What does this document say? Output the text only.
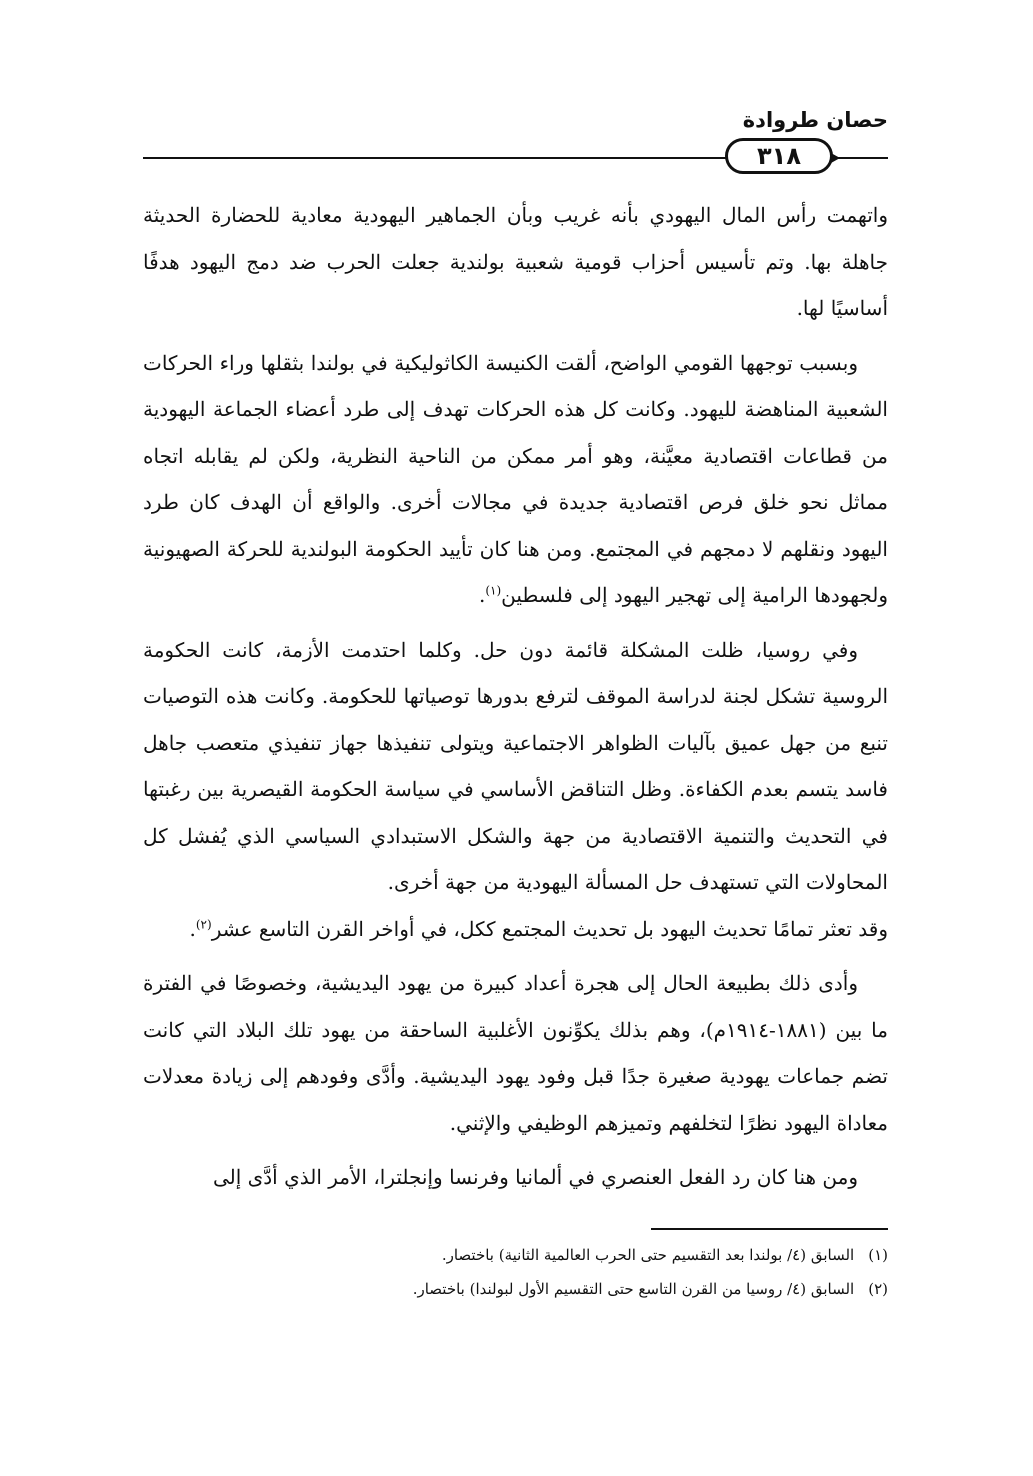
حصان طروادة
٣١٨

واتهمت رأس المال اليهودي بأنه غريب وبأن الجماهير اليهودية معادية للحضارة الحديثة جاهلة بها. وتم تأسيس أحزاب قومية شعبية بولندية جعلت الحرب ضد دمج اليهود هدفًا أساسيًا لها.

وبسبب توجهها القومي الواضح، ألقت الكنيسة الكاثوليكية في بولندا بثقلها وراء الحركات الشعبية المناهضة لليهود. وكانت كل هذه الحركات تهدف إلى طرد أعضاء الجماعة اليهودية من قطاعات اقتصادية معيَّنة، وهو أمر ممكن من الناحية النظرية، ولكن لم يقابله اتجاه مماثل نحو خلق فرص اقتصادية جديدة في مجالات أخرى. والواقع أن الهدف كان طرد اليهود ونقلهم لا دمجهم في المجتمع. ومن هنا كان تأييد الحكومة البولندية للحركة الصهيونية ولجهودها الرامية إلى تهجير اليهود إلى فلسطين$^{(١)}$.

وفي روسيا، ظلت المشكلة قائمة دون حل. وكلما احتدمت الأزمة، كانت الحكومة الروسية تشكل لجنة لدراسة الموقف لترفع بدورها توصياتها للحكومة. وكانت هذه التوصيات تنبع من جهل عميق بآليات الظواهر الاجتماعية ويتولى تنفيذها جهاز تنفيذي متعصب جاهل فاسد يتسم بعدم الكفاءة. وظل التناقض الأساسي في سياسة الحكومة القيصرية بين رغبتها في التحديث والتنمية الاقتصادية من جهة والشكل الاستبدادي السياسي الذي يُفشل كل المحاولات التي تستهدف حل المسألة اليهودية من جهة أخرى.

وقد تعثر تمامًا تحديث اليهود بل تحديث المجتمع ككل، في أواخر القرن التاسع عشر$^{(٢)}$.

وأدى ذلك بطبيعة الحال إلى هجرة أعداد كبيرة من يهود اليديشية، وخصوصًا في الفترة ما بين (١٨٨١-١٩١٤م)، وهم بذلك يكوِّنون الأغلبية الساحقة من يهود تلك البلاد التي كانت تضم جماعات يهودية صغيرة جدًا قبل وفود يهود اليديشية. وأدَّى وفودهم إلى زيادة معدلات معاداة اليهود نظرًا لتخلفهم وتميزهم الوظيفي والإثني.

ومن هنا كان رد الفعل العنصري في ألمانيا وفرنسا وإنجلترا، الأمر الذي أدَّى إلى

(١)
السابق (٤/ بولندا بعد التقسيم حتى الحرب العالمية الثانية) باختصار.
(٢)
السابق (٤/ روسيا من القرن التاسع حتى التقسيم الأول لبولندا) باختصار.
